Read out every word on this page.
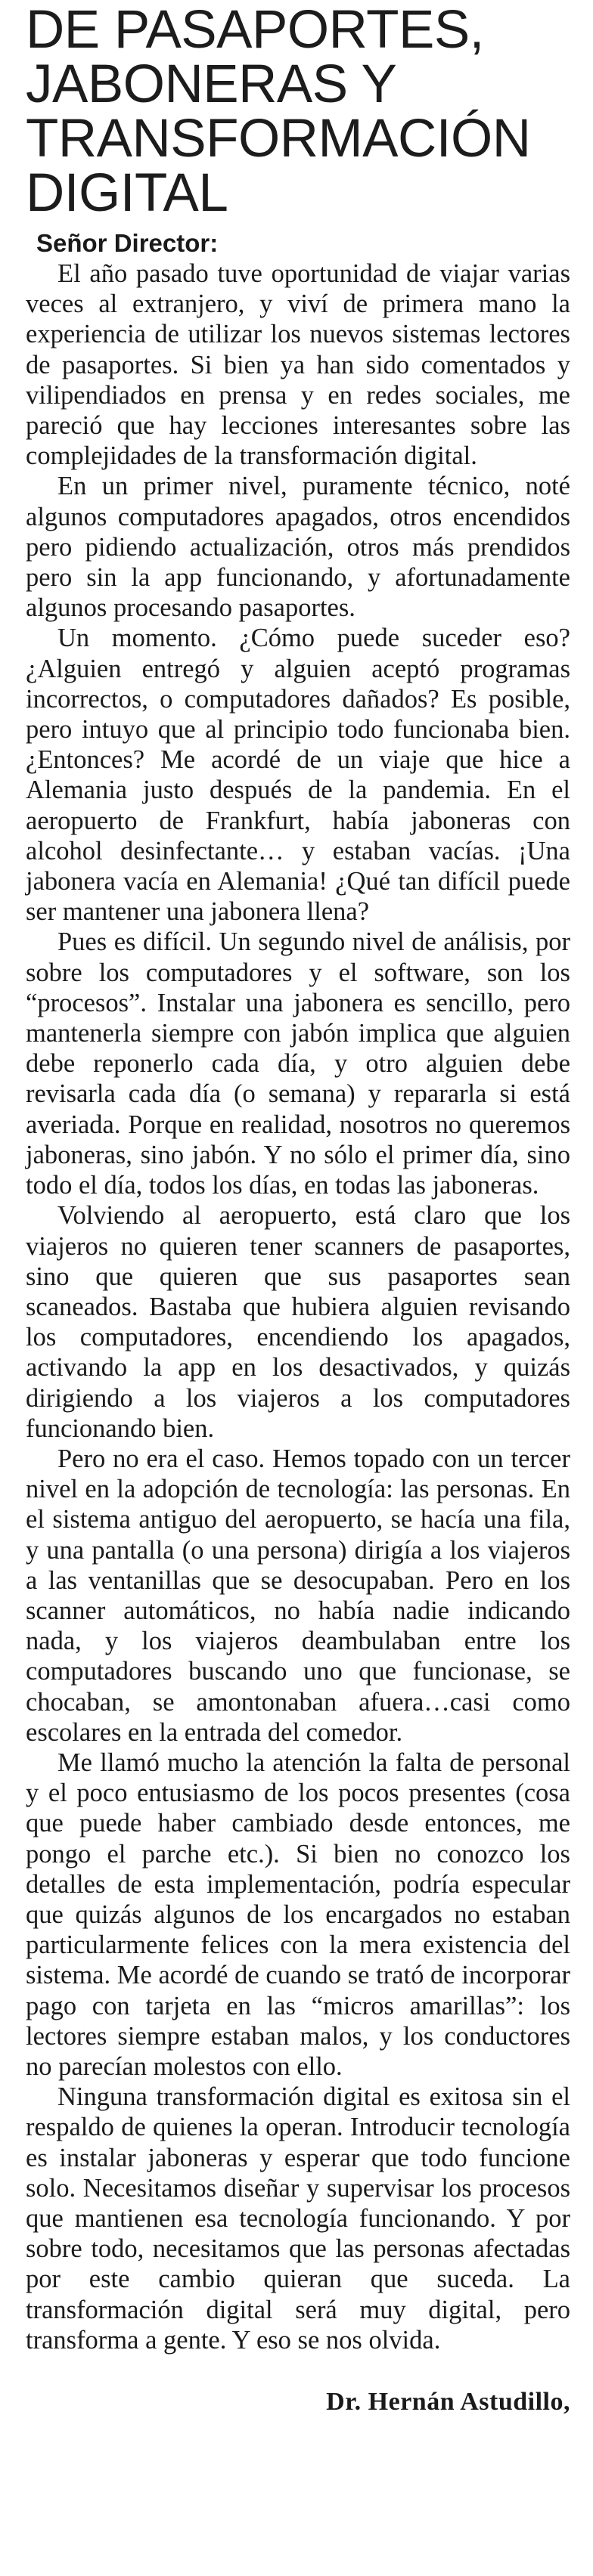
DE PASAPORTES,
JABONERAS Y
TRANSFORMACIÓN
DIGITAL
Señor Director:

El año pasado tuve oportunidad de viajar varias veces al extranjero, y viví de primera mano la experiencia de utilizar los nuevos sistemas lectores de pasaportes. Si bien ya han sido comentados y vilipendiados en prensa y en redes sociales, me pareció que hay lecciones interesantes sobre las complejidades de la transformación digital.

En un primer nivel, puramente técnico, noté algunos computadores apagados, otros encendidos pero pidiendo actualización, otros más prendidos pero sin la app funcionando, y afortunadamente algunos procesando pasaportes.

Un momento. ¿Cómo puede suceder eso? ¿Alguien entregó y alguien aceptó programas incorrectos, o computadores dañados? Es posible, pero intuyo que al principio todo funcionaba bien. ¿Entonces? Me acordé de un viaje que hice a Alemania justo después de la pandemia. En el aeropuerto de Frankfurt, había jaboneras con alcohol desinfectante… y estaban vacías. ¡Una jabonera vacía en Alemania! ¿Qué tan difícil puede ser mantener una jabonera llena?

Pues es difícil. Un segundo nivel de análisis, por sobre los computadores y el software, son los “procesos”. Instalar una jabonera es sencillo, pero mantenerla siempre con jabón implica que alguien debe reponerlo cada día, y otro alguien debe revisarla cada día (o semana) y repararla si está averiada. Porque en realidad, nosotros no queremos jaboneras, sino jabón. Y no sólo el primer día, sino todo el día, todos los días, en todas las jaboneras.

Volviendo al aeropuerto, está claro que los viajeros no quieren tener scanners de pasaportes, sino que quieren que sus pasaportes sean scaneados. Bastaba que hubiera alguien revisando los computadores, encendiendo los apagados, activando la app en los desactivados, y quizás dirigiendo a los viajeros a los computadores funcionando bien.

Pero no era el caso. Hemos topado con un tercer nivel en la adopción de tecnología: las personas. En el sistema antiguo del aeropuerto, se hacía una fila, y una pantalla (o una persona) dirigía a los viajeros a las ventanillas que se desocupaban. Pero en los scanner automáticos, no había nadie indicando nada, y los viajeros deambulaban entre los computadores buscando uno que funcionase, se chocaban, se amontonaban afuera…casi como escolares en la entrada del comedor.

Me llamó mucho la atención la falta de personal y el poco entusiasmo de los pocos presentes (cosa que puede haber cambiado desde entonces, me pongo el parche etc.). Si bien no conozco los detalles de esta implementación, podría especular que quizás algunos de los encargados no estaban particularmente felices con la mera existencia del sistema. Me acordé de cuando se trató de incorporar pago con tarjeta en las “micros amarillas”: los lectores siempre estaban malos, y los conductores no parecían molestos con ello.

Ninguna transformación digital es exitosa sin el respaldo de quienes la operan. Introducir tecnología es instalar jaboneras y esperar que todo funcione solo. Necesitamos diseñar y supervisar los procesos que mantienen esa tecnología funcionando. Y por sobre todo, necesitamos que las personas afectadas por este cambio quieran que suceda. La transformación digital será muy digital, pero transforma a gente. Y eso se nos olvida.

Dr. Hernán Astudillo,
